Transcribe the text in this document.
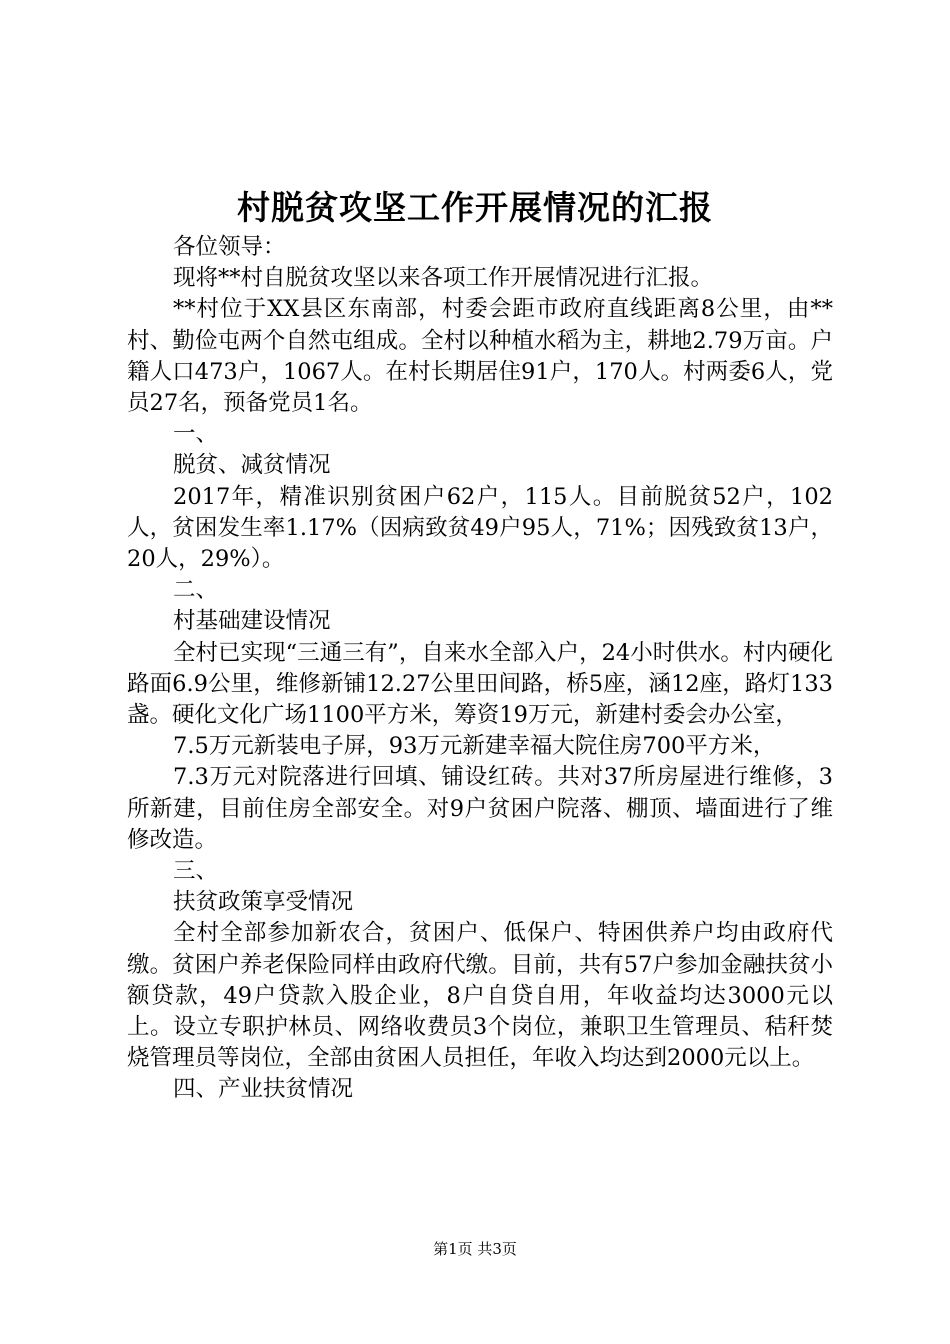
村脱贫攻坚工作开展情况的汇报

各位领导：

现将**村自脱贫攻坚以来各项工作开展情况进行汇报。

**村位于XX县区东南部，村委会距市政府直线距离8公里，由**村、勤俭屯两个自然屯组成。全村以种植水稻为主，耕地2.79万亩。户籍人口473户，1067人。在村长期居住91户，170人。村两委6人，党员27名，预备党员1名。

一、

脱贫、减贫情况

2017年，精准识别贫困户62户，115人。目前脱贫52户，102人，贫困发生率1.17%（因病致贫49户95人，71%；因残致贫13户，20人，29%）。

二、

村基础建设情况

全村已实现“三通三有”，自来水全部入户，24小时供水。村内硬化路面6.9公里，维修新铺12.27公里田间路，桥5座，涵12座，路灯133盏。硬化文化广场1100平方米，筹资19万元，新建村委会办公室，

7.5万元新装电子屏，93万元新建幸福大院住房700平方米，

7.3万元对院落进行回填、铺设红砖。共对37所房屋进行维修，3所新建，目前住房全部安全。对9户贫困户院落、棚顶、墙面进行了维修改造。

三、

扶贫政策享受情况

全村全部参加新农合，贫困户、低保户、特困供养户均由政府代缴。贫困户养老保险同样由政府代缴。目前，共有57户参加金融扶贫小额贷款，49户贷款入股企业，8户自贷自用，年收益均达3000元以上。设立专职护林员、网络收费员3个岗位，兼职卫生管理员、秸秆焚烧管理员等岗位，全部由贫困人员担任，年收入均达到2000元以上。

四、产业扶贫情况

第1页 共3页
